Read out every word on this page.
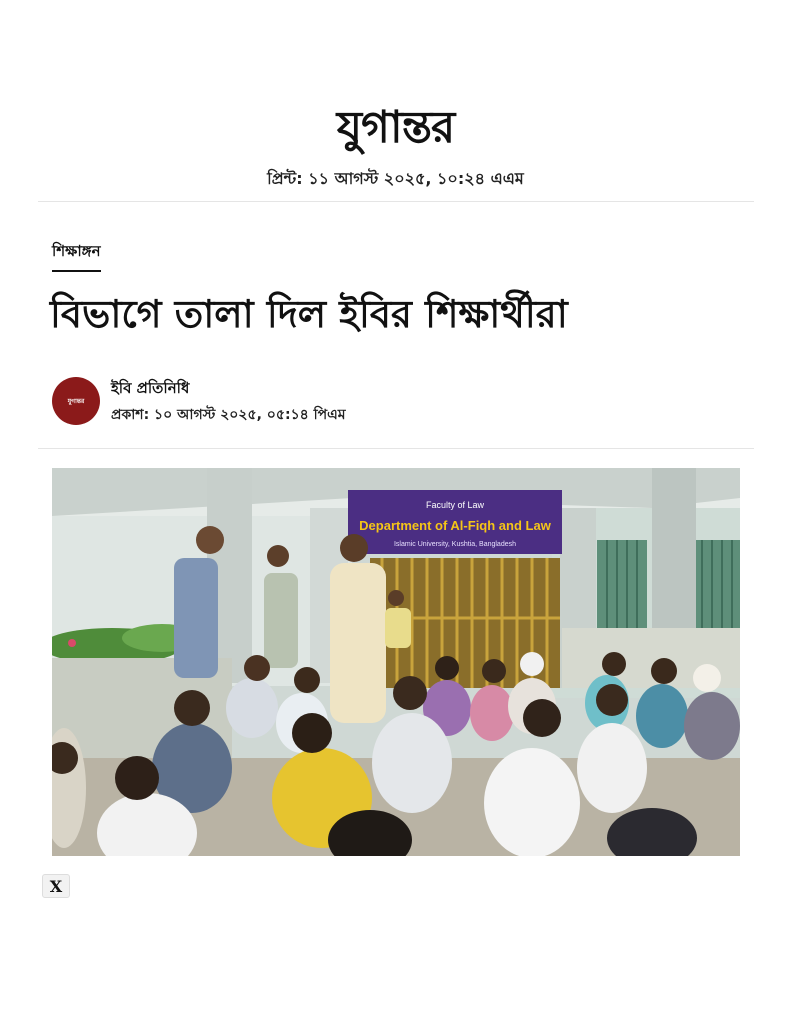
যুগান্তর
প্রিন্ট: ১১ আগস্ট ২০২৫, ১০:২৪ এএম
শিক্ষাঙ্গন
বিভাগে তালা দিল ইবির শিক্ষার্থীরা
যুগান্তর
ইবি প্রতিনিধি
প্রকাশ: ১০ আগস্ট ২০২৫, ০৫:১৪ পিএম
Faculty of Law
Department of Al-Fiqh and Law
Islamic University, Kushtia, Bangladesh
X
